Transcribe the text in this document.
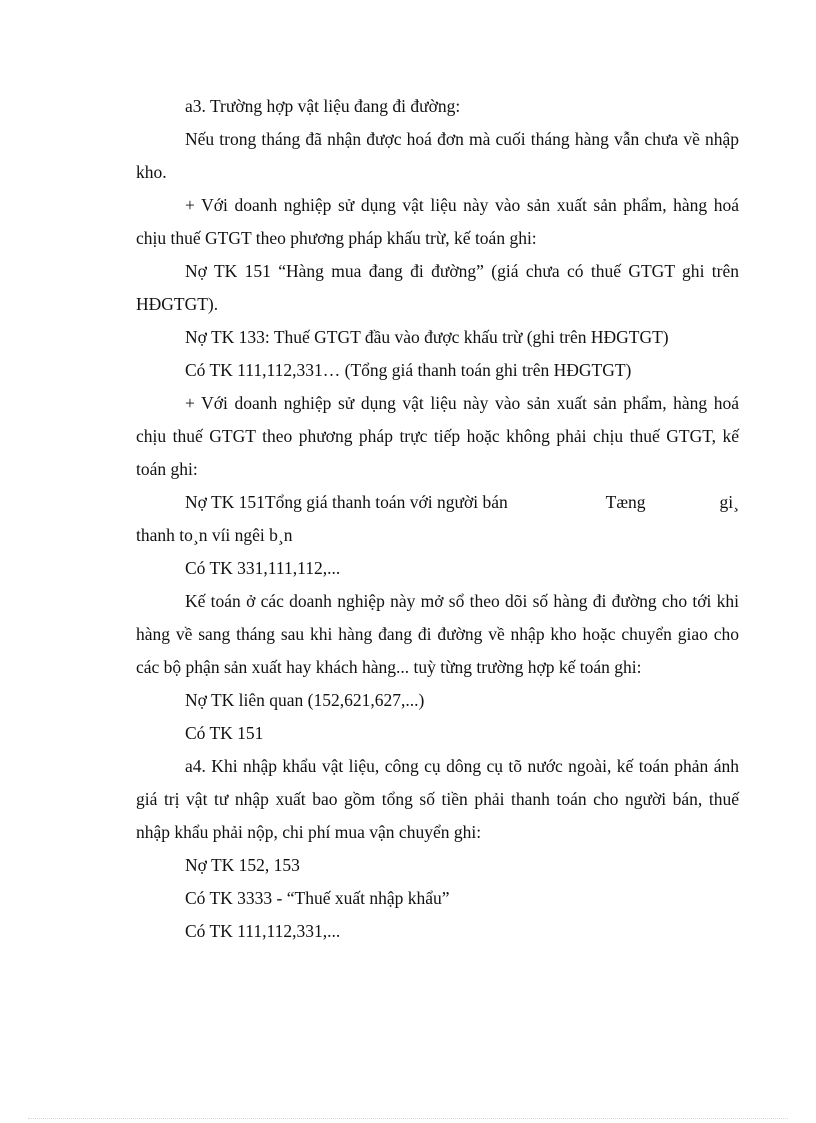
a3. Trường hợp vật liệu đang đi đường:

Nếu trong tháng đã nhận được hoá đơn mà cuối tháng hàng vẫn chưa về nhập kho.

+ Với doanh nghiệp sử dụng vật liệu này vào sản xuất sản phẩm, hàng hoá chịu thuế GTGT theo phương pháp khấu trừ, kế toán ghi:

Nợ TK 151 “Hàng mua đang đi đường” (giá chưa có thuế GTGT ghi trên HĐGTGT).

Nợ TK 133: Thuế GTGT đầu vào được khấu trừ (ghi trên HĐGTGT)

Có TK 111,112,331… (Tổng giá thanh toán ghi trên HĐGTGT)

+ Với doanh nghiệp sử dụng vật liệu này vào sản xuất sản phẩm, hàng hoá chịu thuế GTGT theo phương pháp trực tiếp hoặc không phải chịu thuế GTGT, kế toán ghi:

Nợ TK 151Tổng giá thanh toán với người bán	Tæng	gi¸

thanh to¸n víi ngêi b¸n

Có TK 331,111,112,...

Kế toán ở các doanh nghiệp này mở sổ theo dõi số hàng đi đường cho tới khi hàng về sang tháng sau khi hàng đang đi đường về nhập kho hoặc chuyển giao cho các bộ phận sản xuất hay khách hàng... tuỳ từng trường hợp kế toán ghi:

Nợ TK liên quan (152,621,627,...)

Có TK 151

a4. Khi nhập khẩu vật liệu, công cụ dông cụ tõ nước ngoài, kế toán phản ánh giá trị vật tư nhập xuất bao gồm tổng số tiền phải thanh toán cho người bán, thuế nhập khẩu phải nộp, chi phí mua vận chuyển ghi:

Nợ TK 152, 153

Có TK 3333 - “Thuế xuất nhập khẩu”

Có TK 111,112,331,...
